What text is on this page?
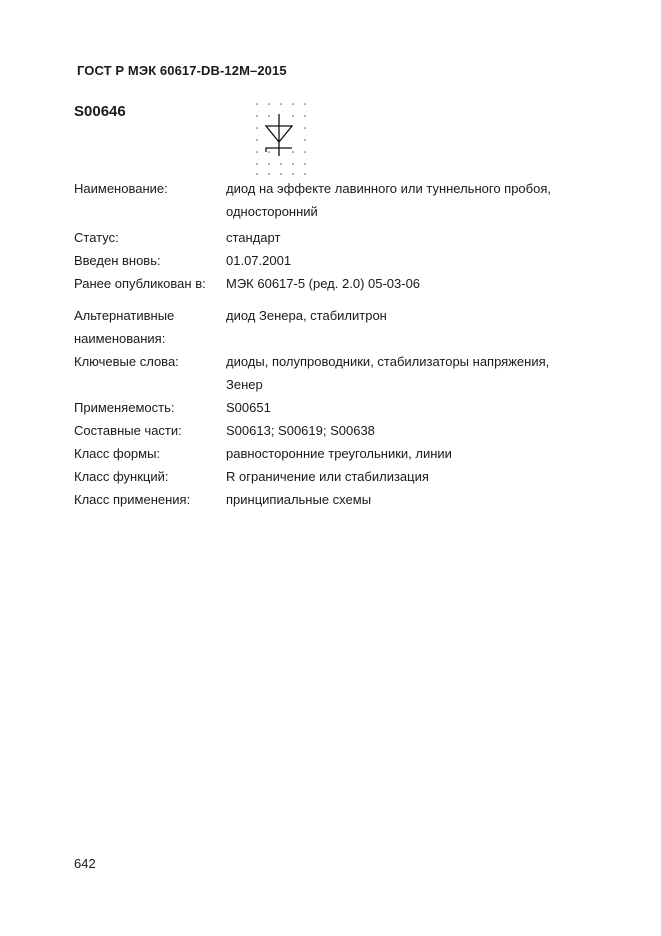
ГОСТ Р МЭК 60617-DB-12M–2015
S00646
Наименование:	диод на эффекте лавинного или туннельного пробоя,
односторонний
Статус:	стандарт
Введен вновь:	01.07.2001
Ранее опубликован в:	МЭК 60617-5 (ред. 2.0) 05-03-06
Альтернативные
наименования:
диод Зенера, стабилитрон
Ключевые слова:	диоды, полупроводники, стабилизаторы напряжения,
Зенер
Применяемость:	S00651
Составные части:	S00613; S00619; S00638
Класс формы:	равносторонние треугольники, линии
Класс функций:	R ограничение или стабилизация
Класс применения:	принципиальные схемы
642
